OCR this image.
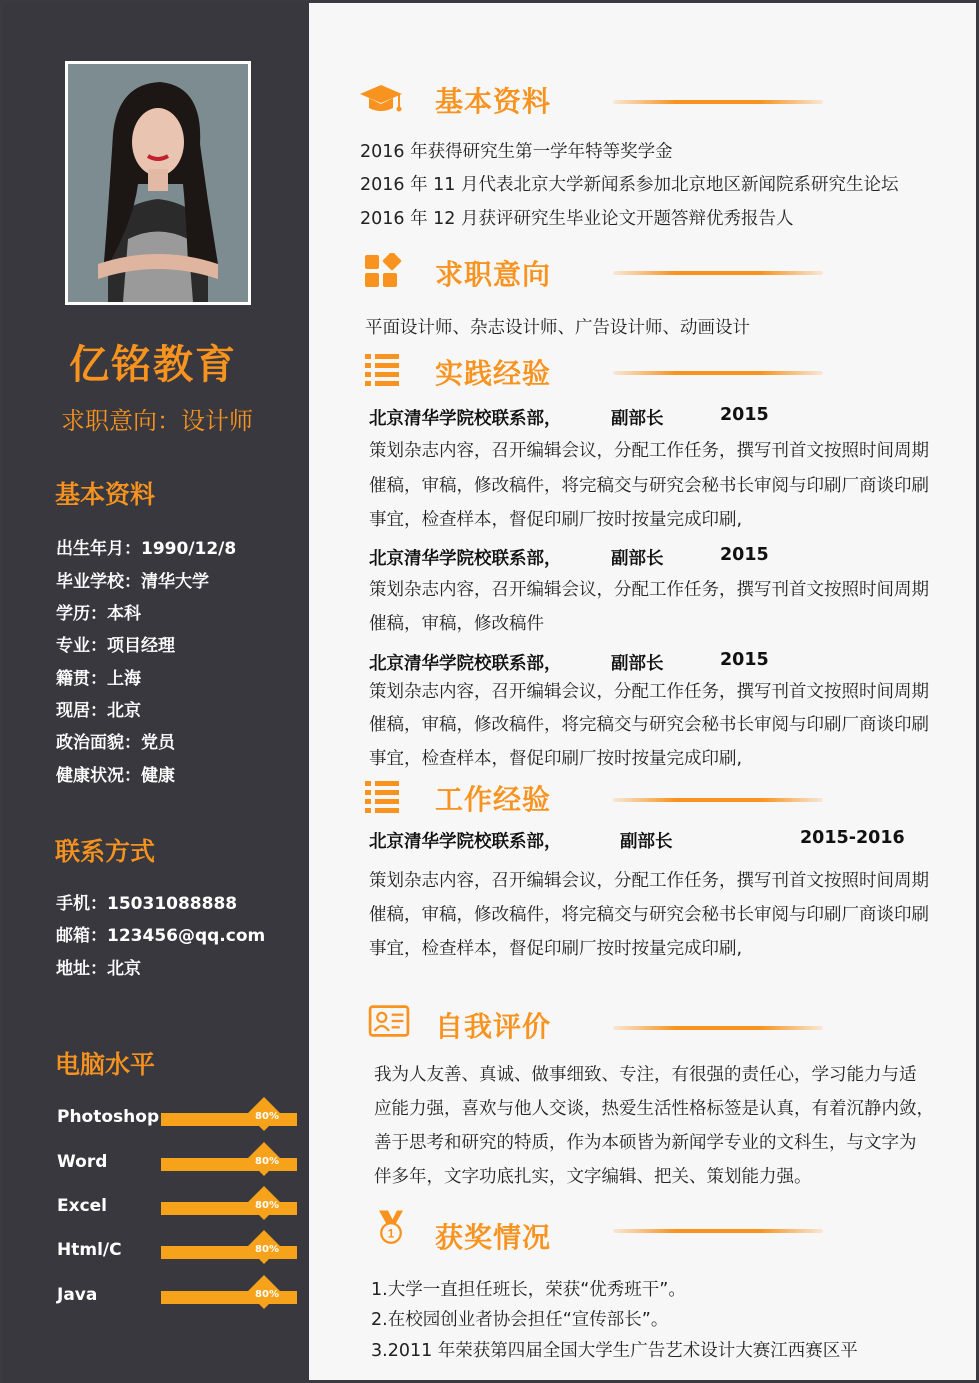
亿铭教育
求职意向：设计师
基本资料
出生年月：1990/12/8
毕业学校：清华大学
学历：本科
专业：项目经理
籍贯：上海
现居：北京
政治面貌：党员
健康状况：健康
联系方式
手机：15031088888
邮箱：123456@qq.com
地址：北京
电脑水平
Photoshop	80%
Word	80%
Excel	80%
Html/C	80%
Java	80%
基本资料
2016 年获得研究生第一学年特等奖学金
2016 年 11 月代表北京大学新闻系参加北京地区新闻院系研究生论坛
2016 年 12 月获评研究生毕业论文开题答辩优秀报告人
求职意向
平面设计师、杂志设计师、广告设计师、动画设计
实践经验
北京清华学院校联系部，	副部长	2015
策划杂志内容，召开编辑会议，分配工作任务，撰写刊首文按照时间周期
催稿，审稿，修改稿件，将完稿交与研究会秘书长审阅与印刷厂商谈印刷
事宜，检查样本，督促印刷厂按时按量完成印刷,
北京清华学院校联系部，	副部长	2015
策划杂志内容，召开编辑会议，分配工作任务，撰写刊首文按照时间周期
催稿，审稿，修改稿件
北京清华学院校联系部，	副部长	2015
策划杂志内容，召开编辑会议，分配工作任务，撰写刊首文按照时间周期
催稿，审稿，修改稿件，将完稿交与研究会秘书长审阅与印刷厂商谈印刷
事宜，检查样本，督促印刷厂按时按量完成印刷,
工作经验
北京清华学院校联系部，	副部长	2015-2016
策划杂志内容，召开编辑会议，分配工作任务，撰写刊首文按照时间周期
催稿，审稿，修改稿件，将完稿交与研究会秘书长审阅与印刷厂商谈印刷
事宜，检查样本，督促印刷厂按时按量完成印刷,
自我评价
我为人友善、真诚、做事细致、专注，有很强的责任心，学习能力与适
应能力强，喜欢与他人交谈，热爱生活性格标签是认真，有着沉静内敛，
善于思考和研究的特质，作为本硕皆为新闻学专业的文科生，与文字为
伴多年，文字功底扎实，文字编辑、把关、策划能力强。
1 获奖情况
1.大学一直担任班长，荣获“优秀班干”。
2.在校园创业者协会担任“宣传部长”。
3.2011 年荣获第四届全国大学生广告艺术设计大赛江西赛区平
